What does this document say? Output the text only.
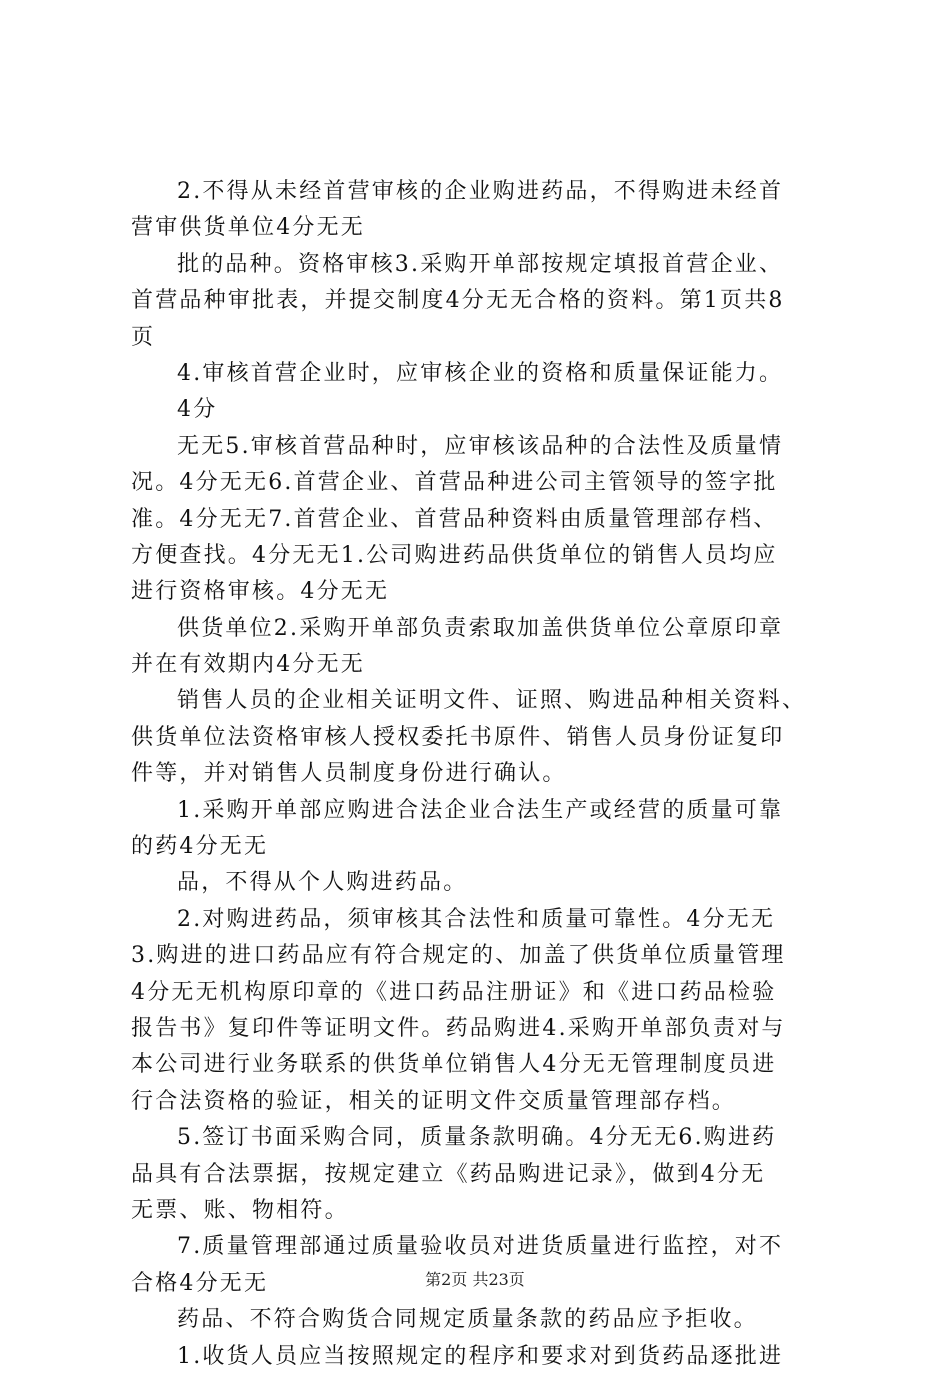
2.不得从未经首营审核的企业购进药品，不得购进未经首
营审供货单位4分无无
批的品种。资格审核3.采购开单部按规定填报首营企业、
首营品种审批表，并提交制度4分无无合格的资料。第1页共8
页
4.审核首营企业时，应审核企业的资格和质量保证能力。
4分
无无5.审核首营品种时，应审核该品种的合法性及质量情
况。4分无无6.首营企业、首营品种进公司主管领导的签字批
准。4分无无7.首营企业、首营品种资料由质量管理部存档、
方便查找。4分无无1.公司购进药品供货单位的销售人员均应
进行资格审核。4分无无
供货单位2.采购开单部负责索取加盖供货单位公章原印章
并在有效期内4分无无
销售人员的企业相关证明文件、证照、购进品种相关资料、
供货单位法资格审核人授权委托书原件、销售人员身份证复印
件等，并对销售人员制度身份进行确认。
1.采购开单部应购进合法企业合法生产或经营的质量可靠
的药4分无无
品，不得从个人购进药品。
2.对购进药品，须审核其合法性和质量可靠性。4分无无
3.购进的进口药品应有符合规定的、加盖了供货单位质量管理
4分无无机构原印章的《进口药品注册证》和《进口药品检验
报告书》复印件等证明文件。药品购进4.采购开单部负责对与
本公司进行业务联系的供货单位销售人4分无无管理制度员进
行合法资格的验证，相关的证明文件交质量管理部存档。
5.签订书面采购合同，质量条款明确。4分无无6.购进药
品具有合法票据，按规定建立《药品购进记录》，做到4分无
无票、账、物相符。
7.质量管理部通过质量验收员对进货质量进行监控，对不
合格4分无无
药品、不符合购货合同规定质量条款的药品应予拒收。
1.收货人员应当按照规定的程序和要求对到货药品逐批进
第2页 共23页
